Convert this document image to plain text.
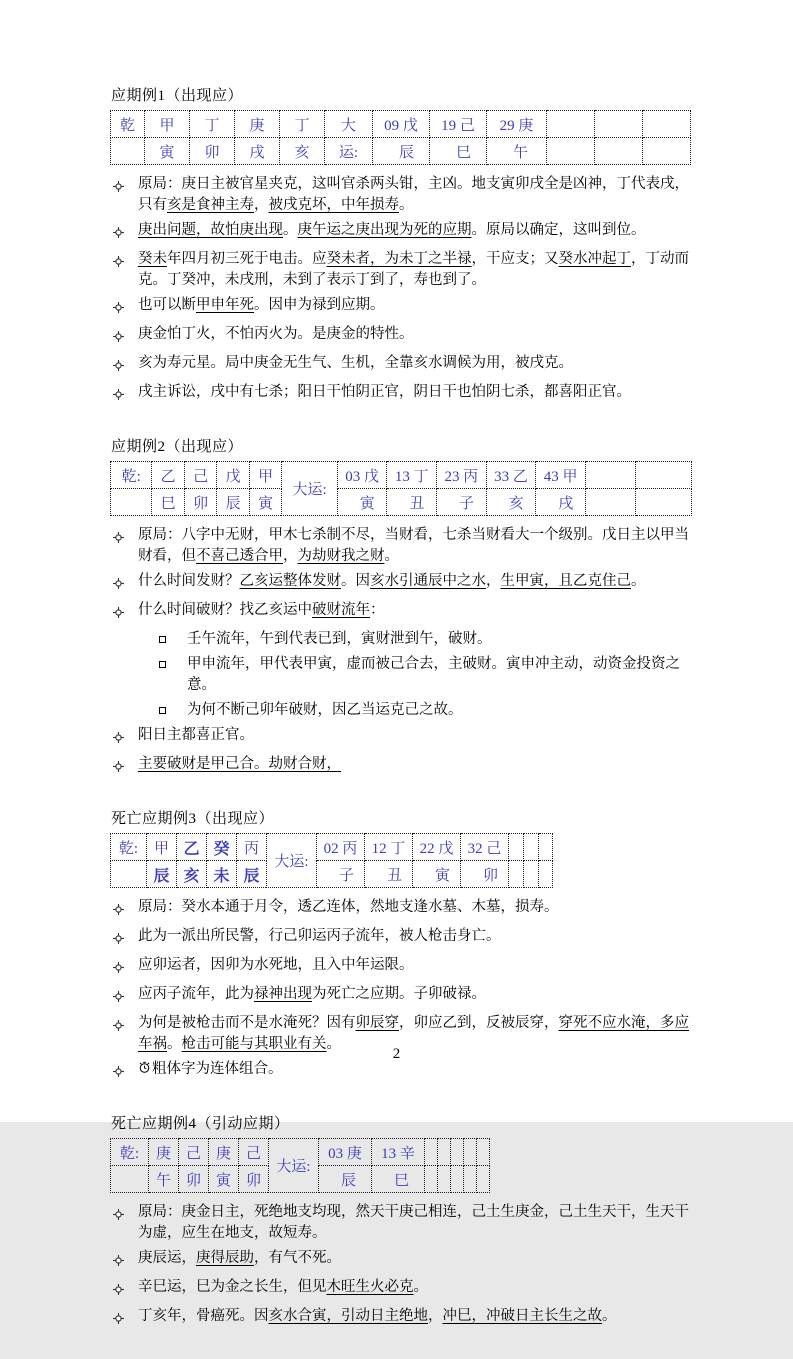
应期例1（出现应）
乾	甲	丁	庚	丁	大	09 戊	19 己	29 庚			
	寅	卯	戌	亥	运:	辰	巳	午			
原局：庚日主被官星夹克，这叫官杀两头钳，主凶。地支寅卯戌全是凶神，丁代表戌，只有亥是食神主寿，被戌克坏，中年损寿。
庚出问题，故怕庚出现。庚午运之庚出现为死的应期。原局以确定，这叫到位。
癸未年四月初三死于电击。应癸未者，为未丁之半禄，干应支；又癸水冲起丁，丁动而克。丁癸冲，未戌刑，未到了表示丁到了，寿也到了。
也可以断甲申年死。因申为禄到应期。
庚金怕丁火，不怕丙火为。是庚金的特性。
亥为寿元星。局中庚金无生气、生机，全靠亥水调候为用，被戌克。
戌主诉讼，戌中有七杀；阳日干怕阴正官，阴日干也怕阴七杀，都喜阳正官。
应期例2（出现应）
乾:	乙	己	戊	甲	大运:	03 戊	13 丁	23 丙	33 乙	43 甲		
	巳	卯	辰	寅		寅	丑	子	亥	戌		
原局：八字中无财，甲木七杀制不尽，当财看，七杀当财看大一个级别。戊日主以甲当财看，但不喜己透合甲，为劫财我之财。
什么时间发财？乙亥运整体发财。因亥水引通辰中之水，生甲寅，且乙克住己。
什么时间破财？找乙亥运中破财流年：
壬午流年，午到代表已到，寅财泄到午，破财。
甲申流年，甲代表甲寅，虚而被己合去，主破财。寅申冲主动，动资金投资之意。
为何不断己卯年破财，因乙当运克己之故。
阳日主都喜正官。
主要破财是甲己合。劫财合财，
死亡应期例3（出现应）
乾:	甲	乙	癸	丙	大运:	02 丙	12 丁	22 戊	32 己			
	辰	亥	未	辰		子	丑	寅	卯			
原局：癸水本通于月令，透乙连体，然地支逢水墓、木墓，损寿。
此为一派出所民警，行己卯运丙子流年，被人枪击身亡。
应卯运者，因卯为水死地，且入中年运限。
应丙子流年，此为禄神出现为死亡之应期。子卯破禄。
为何是被枪击而不是水淹死？因有卯辰穿，卯应乙到，反被辰穿，穿死不应水淹，多应车祸。枪击可能与其职业有关。
粗体字为连体组合。
死亡应期例4（引动应期）
乾:	庚	己	庚	己	大运:	03 庚	13 辛					
	午	卯	寅	卯		辰	巳					
原局：庚金日主，死绝地支均现，然天干庚己相连，己土生庚金，己土生天干，生天干为虚，应生在地支，故短寿。
庚辰运，庚得辰助，有气不死。
辛巳运，巳为金之长生，但见木旺生火必克。
丁亥年，骨癌死。因亥水合寅，引动日主绝地，冲巳，冲破日主长生之故。
2
